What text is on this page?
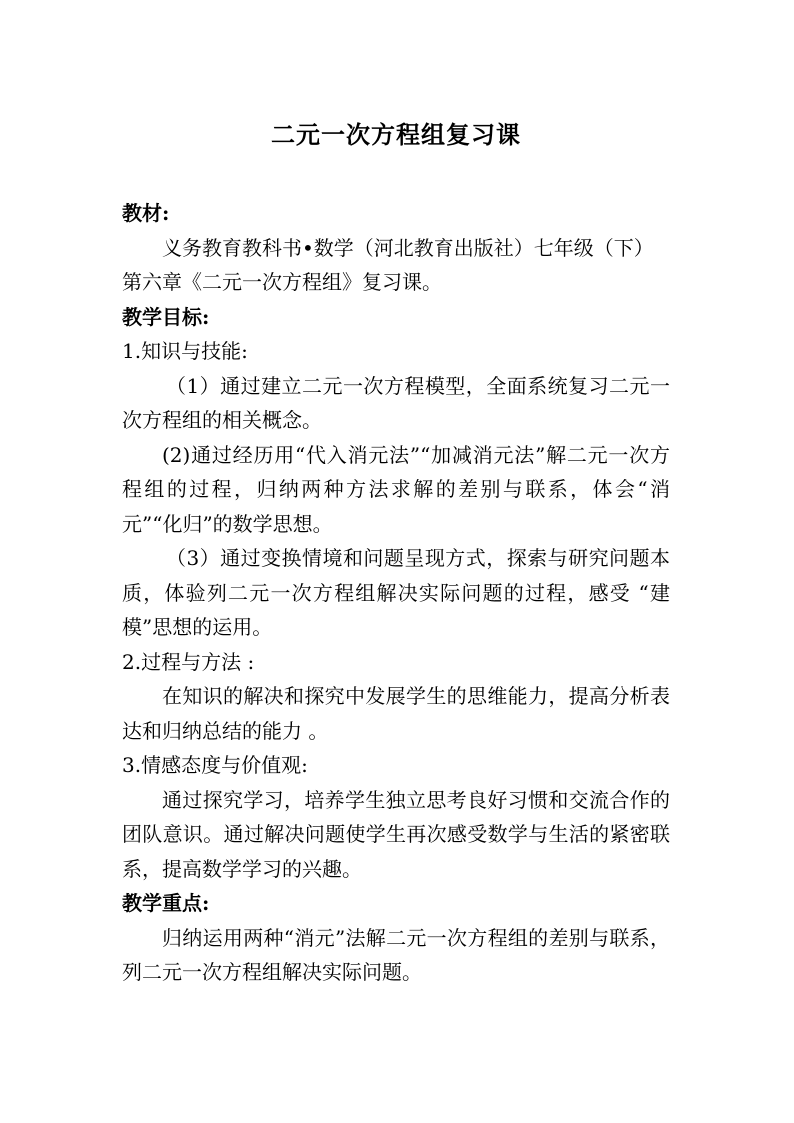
二元一次方程组复习课

教材:

义务教育教科书•数学（河北教育出版社）七年级（下）

第六章《二元一次方程组》复习课。

教学目标:

1.知识与技能:

（1）通过建立二元一次方程模型，全面系统复习二元一次方程组的相关概念。

(2)通过经历用“代入消元法”“加减消元法”解二元一次方程组的过程，归纳两种方法求解的差别与联系，体会“消元”“化归”的数学思想。

（3）通过变换情境和问题呈现方式，探索与研究问题本质，体验列二元一次方程组解决实际问题的过程，感受 “建模”思想的运用。

2.过程与方法 :

在知识的解决和探究中发展学生的思维能力，提高分析表达和归纳总结的能力 。

3.情感态度与价值观:

通过探究学习，培养学生独立思考良好习惯和交流合作的团队意识。通过解决问题使学生再次感受数学与生活的紧密联系，提高数学学习的兴趣。

教学重点:

归纳运用两种“消元”法解二元一次方程组的差别与联系，列二元一次方程组解决实际问题。
